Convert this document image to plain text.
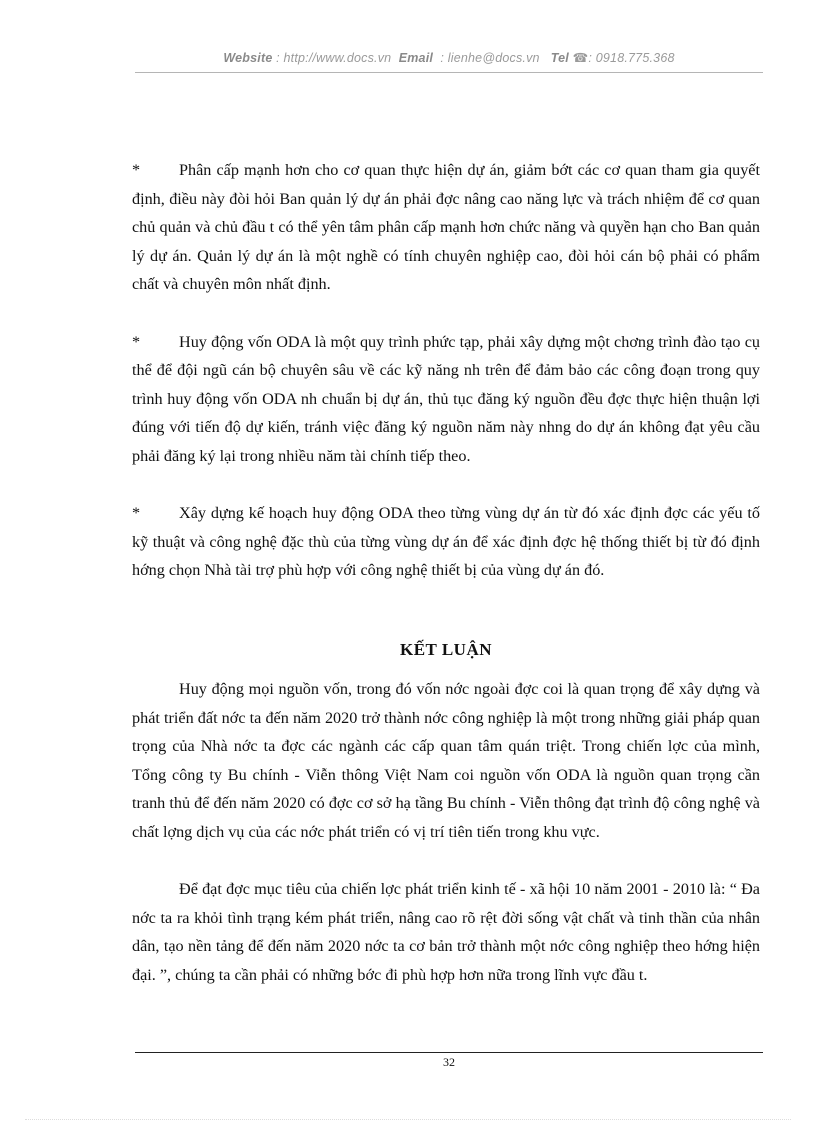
Website : http://www.docs.vn Email : lienhe@docs.vn Tel ☎: 0918.775.368

* Phân cấp mạnh hơn cho cơ quan thực hiện dự án, giảm bớt các cơ quan tham gia quyết định, điều này đòi hỏi Ban quản lý dự án phải đợc nâng cao năng lực và trách nhiệm để cơ quan chủ quản và chủ đầu t có thể yên tâm phân cấp mạnh hơn chức năng và quyền hạn cho Ban quản lý dự án. Quản lý dự án là một nghề có tính chuyên nghiệp cao, đòi hỏi cán bộ phải có phẩm chất và chuyên môn nhất định.

* Huy động vốn ODA là một quy trình phức tạp, phải xây dựng một chơng trình đào tạo cụ thể để đội ngũ cán bộ chuyên sâu về các kỹ năng nh trên để đảm bảo các công đoạn trong quy trình huy động vốn ODA nh chuẩn bị dự án, thủ tục đăng ký nguồn đều đợc thực hiện thuận lợi đúng với tiến độ dự kiến, tránh việc đăng ký nguồn năm này nhng do dự án không đạt yêu cầu phải đăng ký lại trong nhiều năm tài chính tiếp theo.

* Xây dựng kế hoạch huy động ODA theo từng vùng dự án từ đó xác định đợc các yếu tố kỹ thuật và công nghệ đặc thù của từng vùng dự án để xác định đợc hệ thống thiết bị từ đó định hớng chọn Nhà tài trợ phù hợp với công nghệ thiết bị của vùng dự án đó.

KẾT LUẬN

Huy động mọi nguồn vốn, trong đó vốn nớc ngoài đợc coi là quan trọng để xây dựng và phát triển đất nớc ta đến năm 2020 trở thành nớc công nghiệp là một trong những giải pháp quan trọng của Nhà nớc ta đợc các ngành các cấp quan tâm quán triệt. Trong chiến lợc của mình, Tổng công ty Bu chính - Viễn thông Việt Nam coi nguồn vốn ODA là nguồn quan trọng cần tranh thủ để đến năm 2020 có đợc cơ sở hạ tầng Bu chính - Viễn thông đạt trình độ công nghệ và chất lợng dịch vụ của các nớc phát triển có vị trí tiên tiến trong khu vực.

Để đạt đợc mục tiêu của chiến lợc phát triển kinh tế - xã hội 10 năm 2001 - 2010 là: “ Đa nớc ta ra khỏi tình trạng kém phát triển, nâng cao rõ rệt đời sống vật chất và tinh thần của nhân dân, tạo nền tảng để đến năm 2020 nớc ta cơ bản trở thành một nớc công nghiệp theo hớng hiện đại. ”, chúng ta cần phải có những bớc đi phù hợp hơn nữa trong lĩnh vực đầu t.

32
